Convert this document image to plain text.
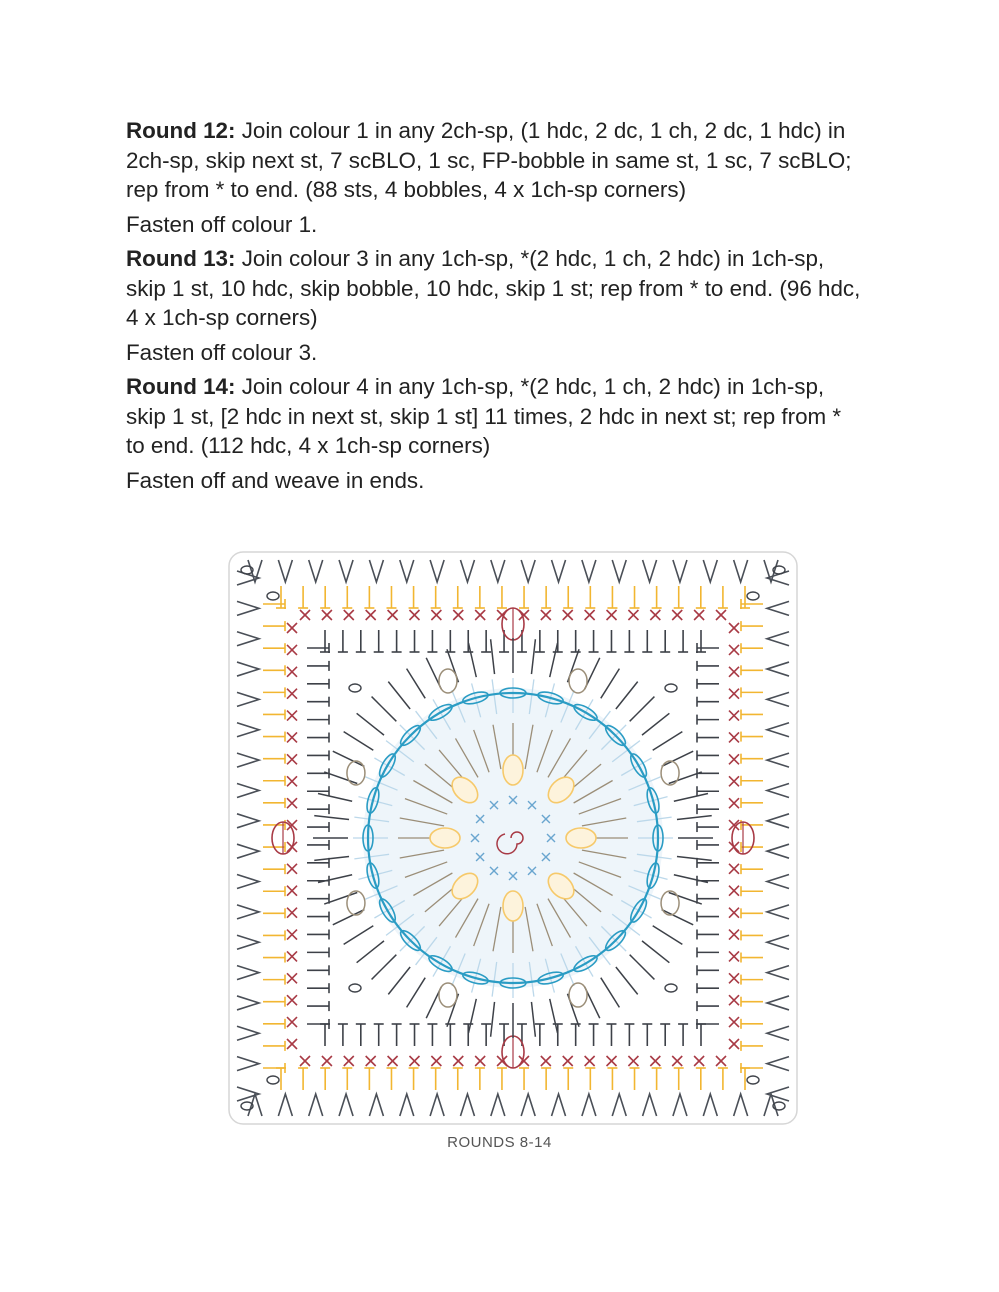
Round 12: Join colour 1 in any 2ch-sp, (1 hdc, 2 dc, 1 ch, 2 dc, 1 hdc) in 2ch-sp, skip next st, 7 scBLO, 1 sc, FP-bobble in same st, 1 sc, 7 scBLO; rep from * to end. (88 sts, 4 bobbles, 4 x 1ch-sp corners)

Fasten off colour 1.

Round 13: Join colour 3 in any 1ch-sp, *(2 hdc, 1 ch, 2 hdc) in 1ch-sp, skip 1 st, 10 hdc, skip bobble, 10 hdc, skip 1 st; rep from * to end. (96 hdc, 4 x 1ch-sp corners)

Fasten off colour 3.

Round 14: Join colour 4 in any 1ch-sp, *(2 hdc, 1 ch, 2 hdc) in 1ch-sp, skip 1 st, [2 hdc in next st, skip 1 st] 11 times, 2 hdc in next st; rep from * to end. (112 hdc, 4 x 1ch-sp corners)

Fasten off and weave in ends.

ROUNDS 8-14
